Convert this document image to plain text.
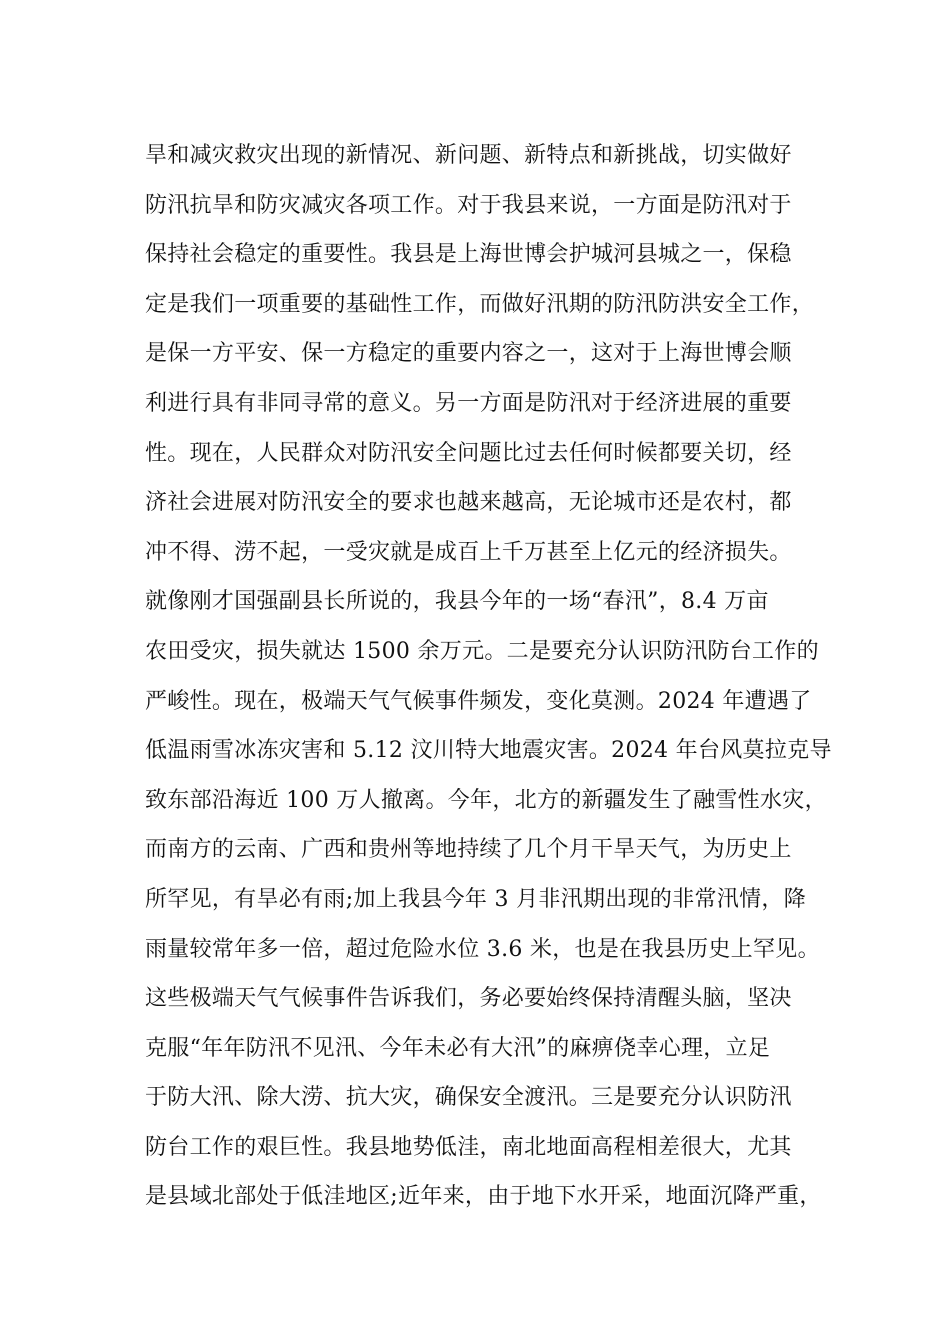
旱和减灾救灾出现的新情况、新问题、新特点和新挑战，切实做好
防汛抗旱和防灾减灾各项工作。对于我县来说，一方面是防汛对于
保持社会稳定的重要性。我县是上海世博会护城河县城之一，保稳
定是我们一项重要的基础性工作，而做好汛期的防汛防洪安全工作，
是保一方平安、保一方稳定的重要内容之一，这对于上海世博会顺
利进行具有非同寻常的意义。另一方面是防汛对于经济进展的重要
性。现在，人民群众对防汛安全问题比过去任何时候都要关切，经
济社会进展对防汛安全的要求也越来越高，无论城市还是农村，都
冲不得、涝不起，一受灾就是成百上千万甚至上亿元的经济损失。
就像刚才国强副县长所说的，我县今年的一场“春汛”，8.4 万亩
农田受灾，损失就达 1500 余万元。二是要充分认识防汛防台工作的
严峻性。现在，极端天气气候事件频发，变化莫测。2024 年遭遇了
低温雨雪冰冻灾害和 5.12 汶川特大地震灾害。2024 年台风莫拉克导
致东部沿海近 100 万人撤离。今年，北方的新疆发生了融雪性水灾，
而南方的云南、广西和贵州等地持续了几个月干旱天气，为历史上
所罕见，有旱必有雨;加上我县今年 3 月非汛期出现的非常汛情，降
雨量较常年多一倍，超过危险水位 3.6 米，也是在我县历史上罕见。
这些极端天气气候事件告诉我们，务必要始终保持清醒头脑，坚决
克服“年年防汛不见汛、今年未必有大汛”的麻痹侥幸心理，立足
于防大汛、除大涝、抗大灾，确保安全渡汛。三是要充分认识防汛
防台工作的艰巨性。我县地势低洼，南北地面高程相差很大，尤其
是县域北部处于低洼地区;近年来，由于地下水开采，地面沉降严重，
